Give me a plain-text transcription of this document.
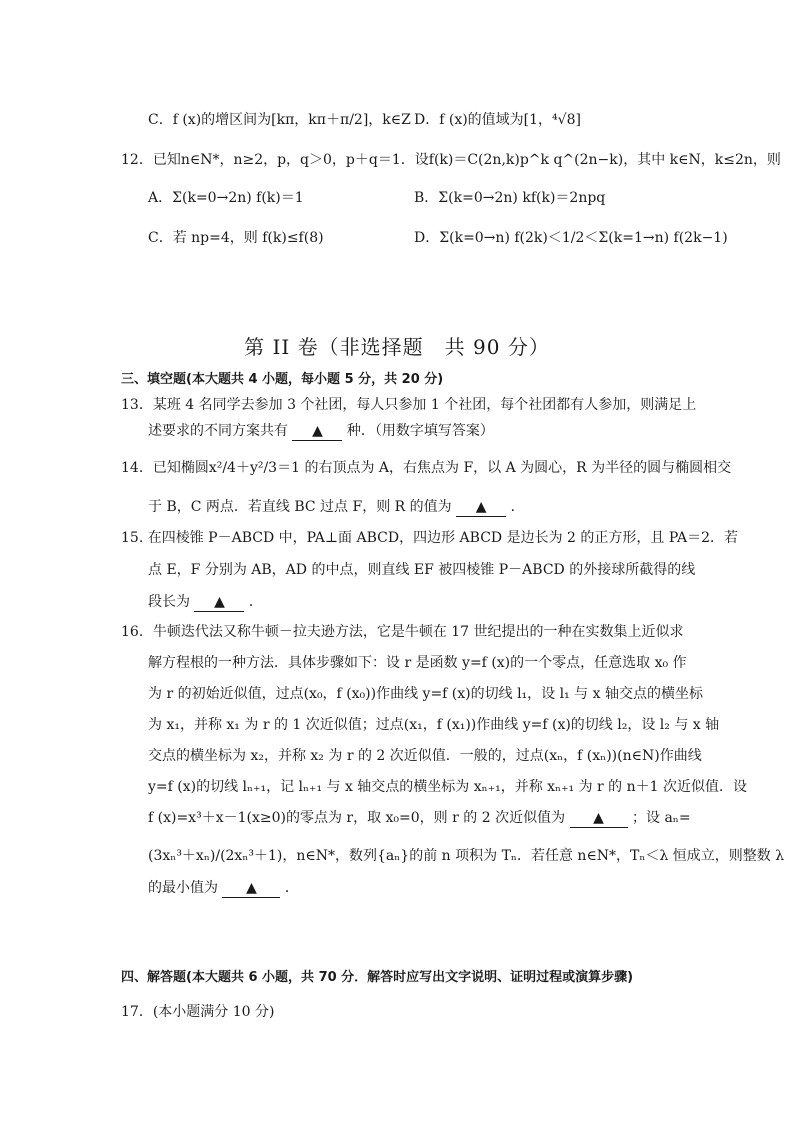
C．f (x)的增区间为[kπ，kπ＋π/2]，k∈Z D．f (x)的值域为[1，⁴√8]
12．已知n∈N*，n≥2，p，q＞0，p＋q＝1．设f(k)＝C(2n,k)p^k q^(2n−k)，其中 k∈N，k≤2n，则
A．Σ(k=0→2n) f(k)＝1	B．Σ(k=0→2n) kf(k)＝2npq
C．若 np=4，则 f(k)≤f(8)	D．Σ(k=0→n) f(2k)＜1/2＜Σ(k=1→n) f(2k−1)
第 II 卷（非选择题　共 90 分）
三、填空题(本大题共 4 小题，每小题 5 分，共 20 分)
13．某班 4 名同学去参加 3 个社团，每人只参加 1 个社团，每个社团都有人参加，则满足上
述要求的不同方案共有 ▲ 种．（用数字填写答案）
14．已知椭圆x²/4＋y²/3＝1 的右顶点为 A，右焦点为 F，以 A 为圆心，R 为半径的圆与椭圆相交
于 B，C 两点．若直线 BC 过点 F，则 R 的值为 ▲ ．
15. 在四棱锥 P－ABCD 中，PA⊥面 ABCD，四边形 ABCD 是边长为 2 的正方形，且 PA＝2．若
点 E，F 分别为 AB，AD 的中点，则直线 EF 被四棱锥 P－ABCD 的外接球所截得的线
段长为 ▲ ．
16．牛顿迭代法又称牛顿－拉夫逊方法，它是牛顿在 17 世纪提出的一种在实数集上近似求
解方程根的一种方法．具体步骤如下：设 r 是函数 y=f (x)的一个零点，任意选取 x₀ 作
为 r 的初始近似值，过点(x₀，f (x₀))作曲线 y=f (x)的切线 l₁，设 l₁ 与 x 轴交点的横坐标
为 x₁，并称 x₁ 为 r 的 1 次近似值；过点(x₁，f (x₁))作曲线 y=f (x)的切线 l₂，设 l₂ 与 x 轴
交点的横坐标为 x₂，并称 x₂ 为 r 的 2 次近似值．一般的，过点(xₙ，f (xₙ))(n∈N)作曲线
y=f (x)的切线 lₙ₊₁，记 lₙ₊₁ 与 x 轴交点的横坐标为 xₙ₊₁，并称 xₙ₊₁ 为 r 的 n＋1 次近似值．设
f (x)=x³＋x－1(x≥0)的零点为 r，取 x₀=0，则 r 的 2 次近似值为 ▲ ；设 aₙ=
(3xₙ³＋xₙ)/(2xₙ³＋1)，n∈N*，数列{aₙ}的前 n 项积为 Tₙ．若任意 n∈N*，Tₙ＜λ 恒成立，则整数 λ
的最小值为 ▲ ．
四、解答题(本大题共 6 小题，共 70 分．解答时应写出文字说明、证明过程或演算步骤)
17．(本小题满分 10 分)
